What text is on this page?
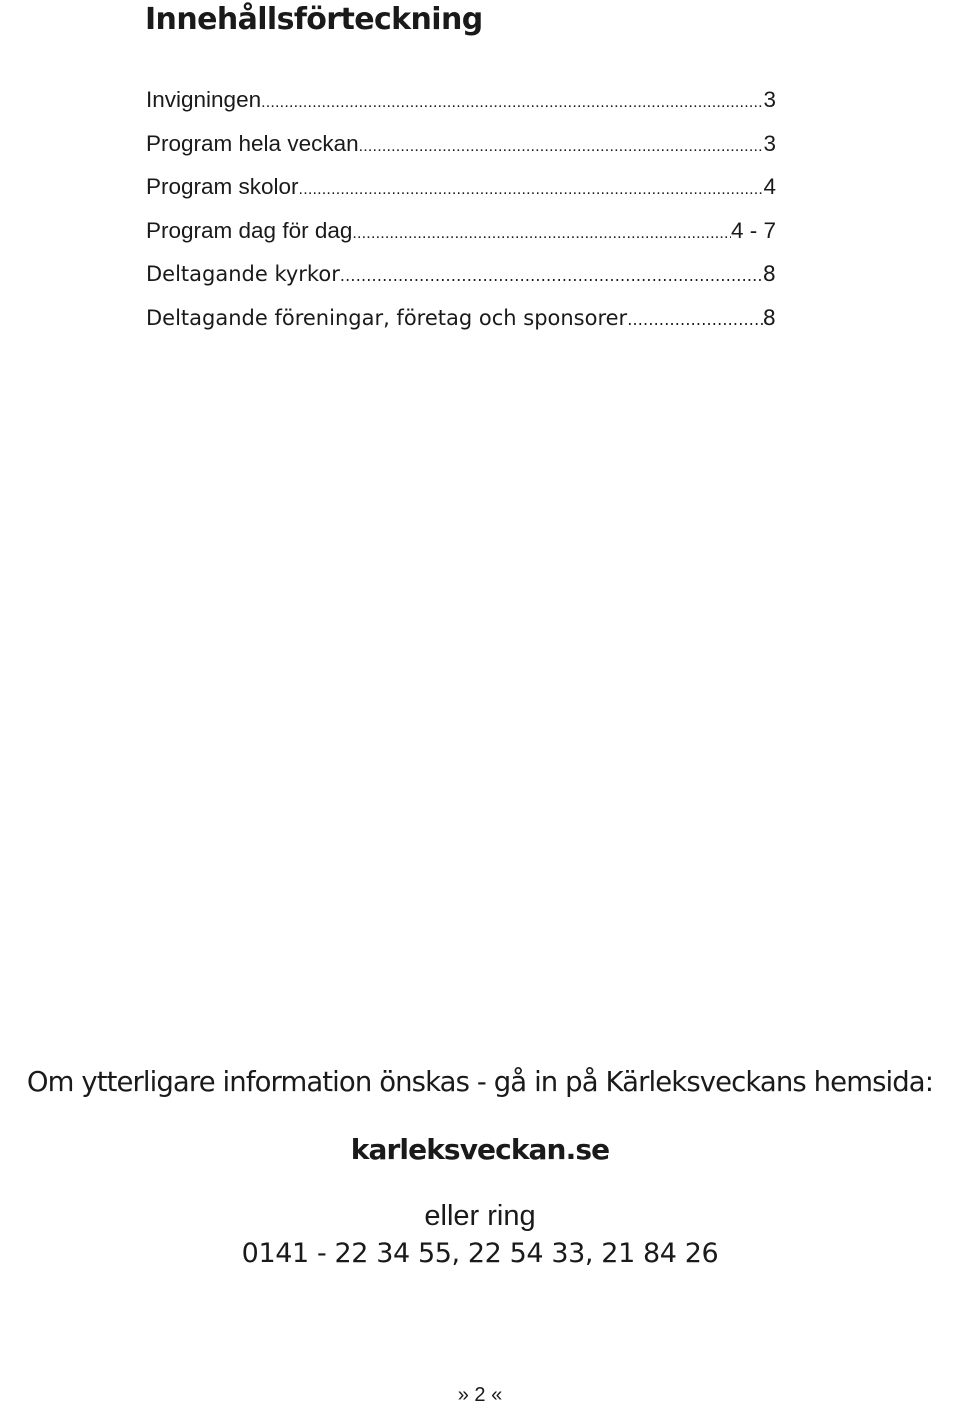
Innehållsförteckning
Invigningen .....	3
Program hela veckan .....	3
Program skolor .....	4
Program dag för dag .....	4 - 7
Deltagande kyrkor .....	8
Deltagande föreningar, företag och sponsorer .....	8

Om ytterligare information önskas - gå in på Kärleksveckans hemsida:

karleksveckan.se

eller ring

0141 - 22 34 55, 22 54 33, 21 84 26

» 2 «
